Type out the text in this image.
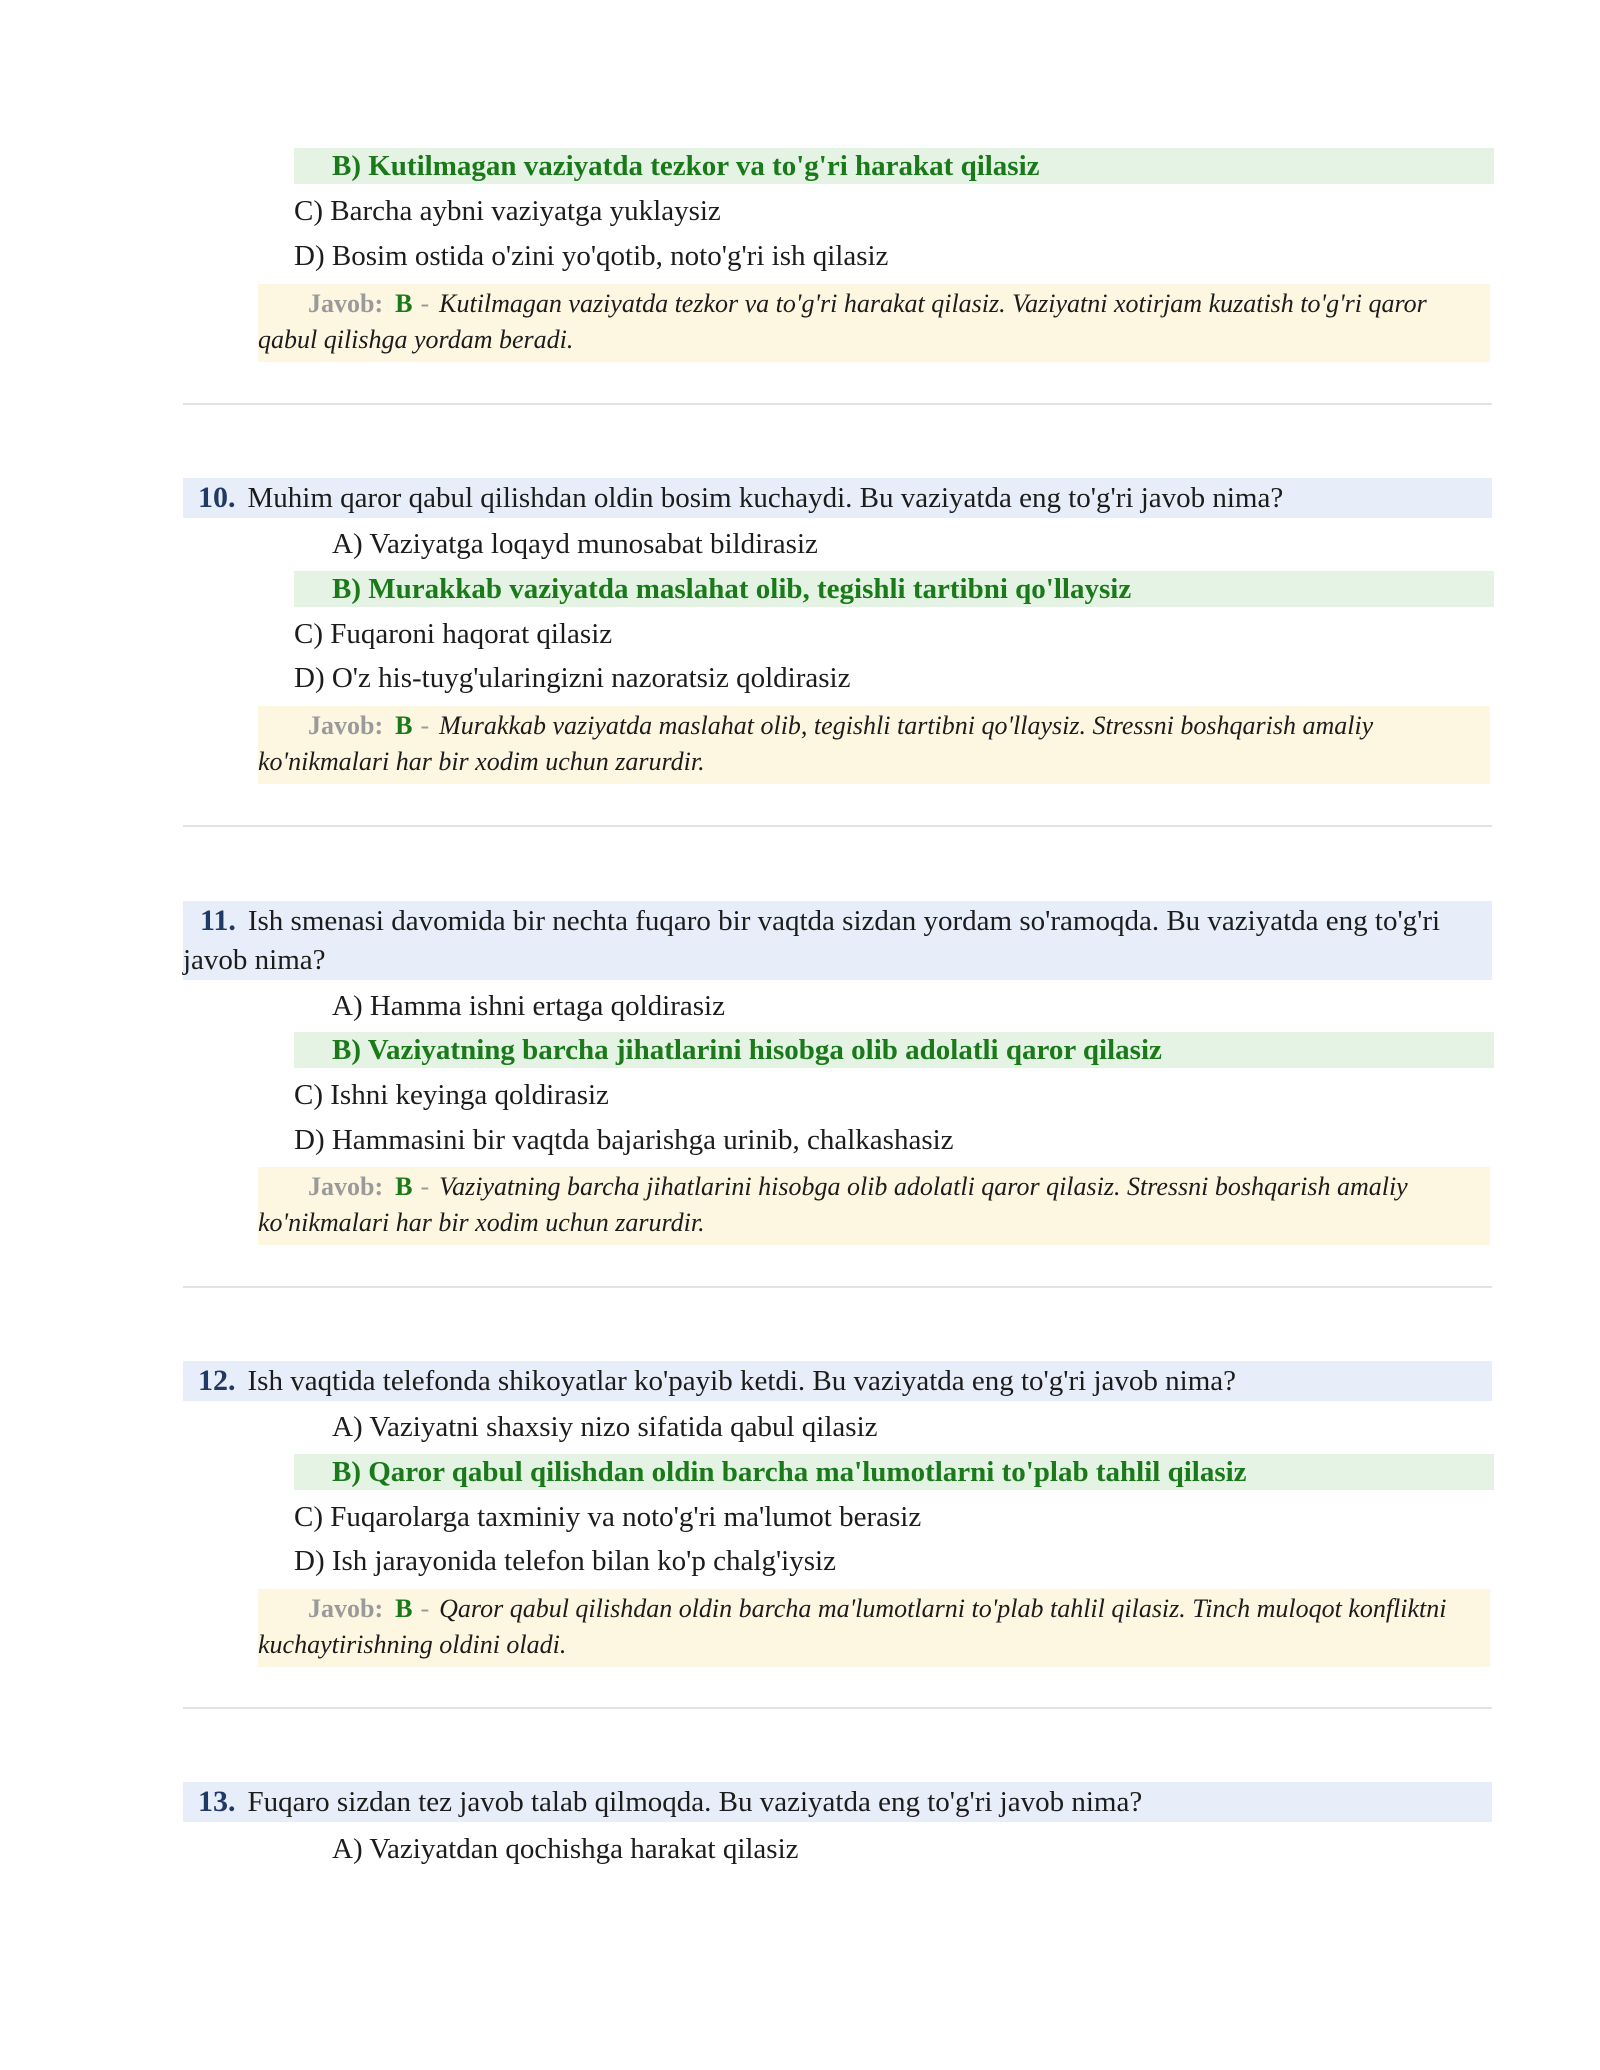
B) Kutilmagan vaziyatda tezkor va to'g'ri harakat qilasiz
C) Barcha aybni vaziyatga yuklaysiz
D) Bosim ostida o'zini yo'qotib, noto'g'ri ish qilasiz
Javob: B - Kutilmagan vaziyatda tezkor va to'g'ri harakat qilasiz. Vaziyatni xotirjam kuzatish to'g'ri qaror qabul qilishga yordam beradi.
10. Muhim qaror qabul qilishdan oldin bosim kuchaydi. Bu vaziyatda eng to'g'ri javob nima?
A) Vaziyatga loqayd munosabat bildirasiz
B) Murakkab vaziyatda maslahat olib, tegishli tartibni qo'llaysiz
C) Fuqaroni haqorat qilasiz
D) O'z his-tuyg'ularingizni nazoratsiz qoldirasiz
Javob: B - Murakkab vaziyatda maslahat olib, tegishli tartibni qo'llaysiz. Stressni boshqarish amaliy ko'nikmalari har bir xodim uchun zarurdir.
11. Ish smenasi davomida bir nechta fuqaro bir vaqtda sizdan yordam so'ramoqda. Bu vaziyatda eng to'g'ri javob nima?
A) Hamma ishni ertaga qoldirasiz
B) Vaziyatning barcha jihatlarini hisobga olib adolatli qaror qilasiz
C) Ishni keyinga qoldirasiz
D) Hammasini bir vaqtda bajarishga urinib, chalkashasiz
Javob: B - Vaziyatning barcha jihatlarini hisobga olib adolatli qaror qilasiz. Stressni boshqarish amaliy ko'nikmalari har bir xodim uchun zarurdir.
12. Ish vaqtida telefonda shikoyatlar ko'payib ketdi. Bu vaziyatda eng to'g'ri javob nima?
A) Vaziyatni shaxsiy nizo sifatida qabul qilasiz
B) Qaror qabul qilishdan oldin barcha ma'lumotlarni to'plab tahlil qilasiz
C) Fuqarolarga taxminiy va noto'g'ri ma'lumot berasiz
D) Ish jarayonida telefon bilan ko'p chalg'iysiz
Javob: B - Qaror qabul qilishdan oldin barcha ma'lumotlarni to'plab tahlil qilasiz. Tinch muloqot konfliktni kuchaytirishning oldini oladi.
13. Fuqaro sizdan tez javob talab qilmoqda. Bu vaziyatda eng to'g'ri javob nima?
A) Vaziyatdan qochishga harakat qilasiz
